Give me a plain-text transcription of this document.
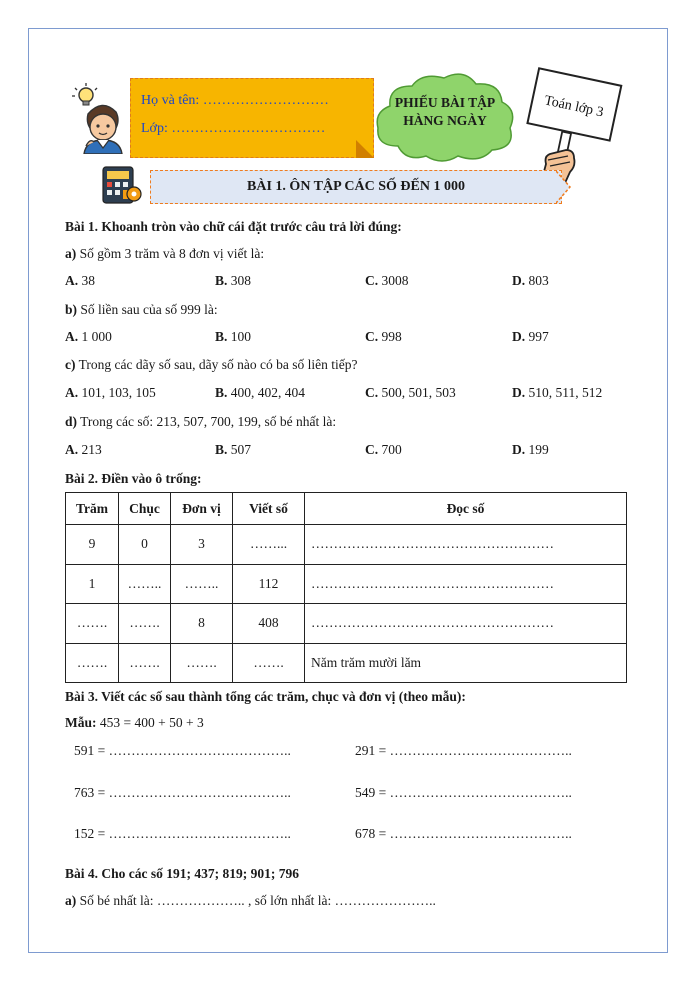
Họ và tên: ………………………
Lớp: ……………………………
PHIẾU BÀI TẬP
HÀNG NGÀY
Toán lớp 3
BÀI 1. ÔN TẬP CÁC SỐ ĐẾN 1 000
Bài 1. Khoanh tròn vào chữ cái đặt trước câu trả lời đúng:
a) Số gồm 3 trăm và 8 đơn vị viết là:
A. 38	B. 308	C. 3008	D. 803
b) Số liền sau của số 999 là:
A. 1 000	B. 100	C. 998	D. 997
c) Trong các dãy số sau, dãy số nào có ba số liên tiếp?
A. 101, 103, 105	B. 400, 402, 404	C. 500, 501, 503	D. 510, 511, 512
d) Trong các số: 213, 507, 700, 199, số bé nhất là:
A. 213	B. 507	C. 700	D. 199
Bài 2. Điền vào ô trống:
Trăm	Chục	Đơn vị	Viết số	Đọc số
9	0	3	……...	………………………………………………
1	……..	……..	112	………………………………………………
…….	…….	8	408	………………………………………………
…….	…….	…….	…….	Năm trăm mười lăm
Bài 3. Viết các số sau thành tổng các trăm, chục và đơn vị (theo mẫu):
Mẫu: 453 = 400 + 50 + 3
591 = …………………………………..	291 = …………………………………..
763 = …………………………………..	549 = …………………………………..
152 = …………………………………..	678 = …………………………………..
Bài 4. Cho các số 191; 437; 819; 901; 796
a) Số bé nhất là: ……………….. , số lớn nhất là: …………………..
